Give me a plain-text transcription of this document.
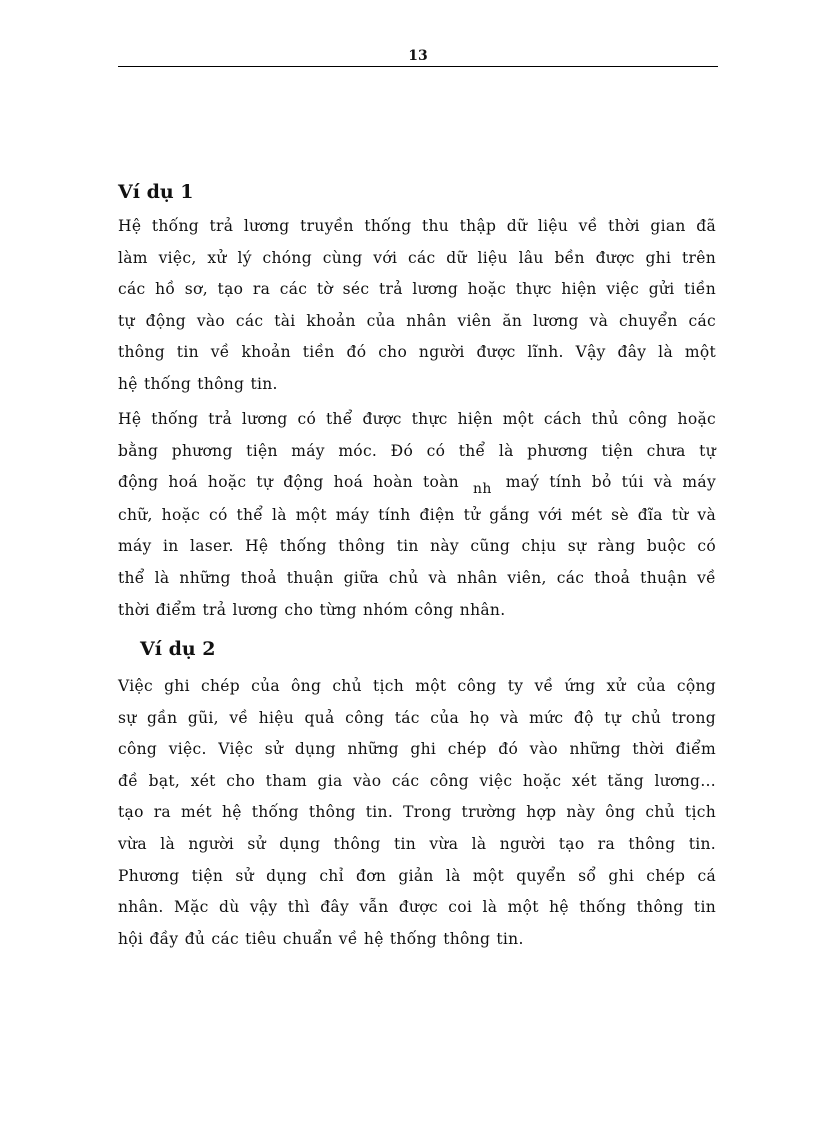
13
Ví dụ 1

Hệ thống trả lương truyền thống thu thập dữ liệu về thời gian đã
làm việc, xử lý chóng cùng với các dữ liệu lâu bền được ghi trên
các hồ sơ, tạo ra các tờ séc trả lương hoặc thực hiện việc gửi tiền
tự động vào các tài khoản của nhân viên ăn lương và chuyển các
thông tin về khoản tiền đó cho người được lĩnh. Vậy đây là một
hệ thống thông tin.

Hệ thống trả lương có thể được thực hiện một cách thủ công hoặc
bằng phương tiện máy móc. Đó có thể là phương tiện chưa tự
động hoá hoặc tự động hoá hoàn toàn nh maý tính bỏ túi và máy
chữ, hoặc có thể là một máy tính điện tử gắng với mét sè đĩa từ và
máy in laser. Hệ thống thông tin này cũng chịu sự ràng buộc có
thể là những thoả thuận giữa chủ và nhân viên, các thoả thuận về
thời điểm trả lương cho từng nhóm công nhân.

Ví dụ 2

Việc ghi chép của ông chủ tịch một công ty về ứng xử của cộng
sự gần gũi, về hiệu quả công tác của họ và mức độ tự chủ trong
công việc. Việc sử dụng những ghi chép đó vào những thời điểm
đề bạt, xét cho tham gia vào các công việc hoặc xét tăng lương…
tạo ra mét hệ thống thông tin. Trong trường hợp này ông chủ tịch
vừa là người sử dụng thông tin vừa là người tạo ra thông tin.
Phương tiện sử dụng chỉ đơn giản là một quyển sổ ghi chép cá
nhân. Mặc dù vậy thì đây vẫn được coi là một hệ thống thông tin
hội đầy đủ các tiêu chuẩn về hệ thống thông tin.
